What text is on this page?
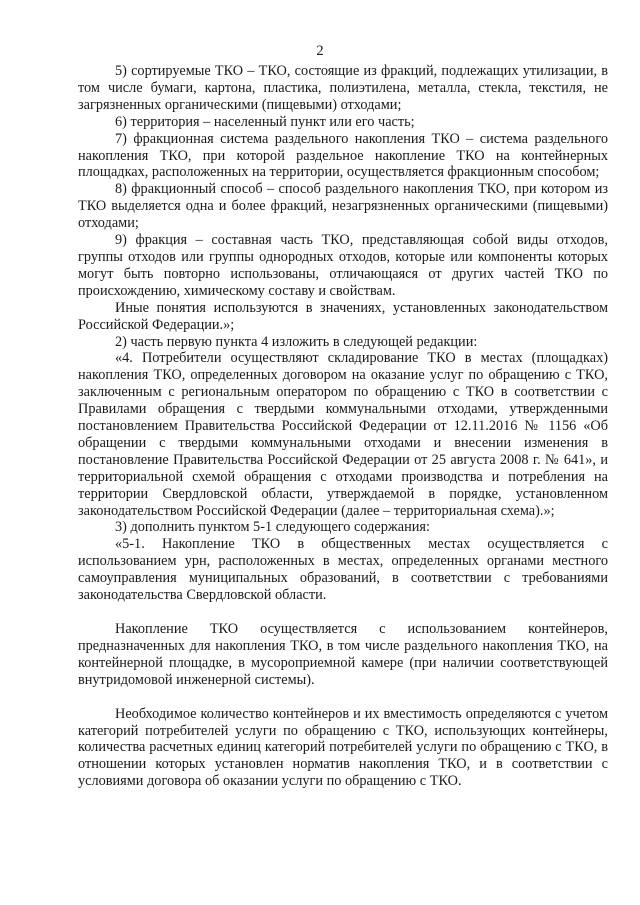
2

5) сортируемые ТКО – ТКО, состоящие из фракций, подлежащих утилизации, в том числе бумаги, картона, пластика, полиэтилена, металла, стекла, текстиля, не загрязненных органическими (пищевыми) отходами;

6) территория – населенный пункт или его часть;

7) фракционная система раздельного накопления ТКО – система раздельного накопления ТКО, при которой раздельное накопление ТКО на контейнерных площадках, расположенных на территории, осуществляется фракционным способом;

8) фракционный способ – способ раздельного накопления ТКО, при котором из ТКО выделяется одна и более фракций, незагрязненных органическими (пищевыми) отходами;

9) фракция – составная часть ТКО, представляющая собой виды отходов, группы отходов или группы однородных отходов, которые или компоненты которых могут быть повторно использованы, отличающаяся от других частей ТКО по происхождению, химическому составу и свойствам.

Иные понятия используются в значениях, установленных законодательством Российской Федерации.»;

2) часть первую пункта 4 изложить в следующей редакции:

«4. Потребители осуществляют складирование ТКО в местах (площадках) накопления ТКО, определенных договором на оказание услуг по обращению с ТКО, заключенным с региональным оператором по обращению с ТКО в соответствии с Правилами обращения с твердыми коммунальными отходами, утвержденными постановлением Правительства Российской Федерации от 12.11.2016 № 1156 «Об обращении с твердыми коммунальными отходами и внесении изменения в постановление Правительства Российской Федерации от 25 августа 2008 г. № 641», и территориальной схемой обращения с отходами производства и потребления на территории Свердловской области, утверждаемой в порядке, установленном законодательством Российской Федерации (далее – территориальная схема).»;

3) дополнить пунктом 5-1 следующего содержания:

«5-1. Накопление ТКО в общественных местах осуществляется с использованием урн, расположенных в местах, определенных органами местного самоуправления муниципальных образований, в соответствии с требованиями законодательства Свердловской области.

Накопление ТКО осуществляется с использованием контейнеров, предназначенных для накопления ТКО, в том числе раздельного накопления ТКО, на контейнерной площадке, в мусороприемной камере (при наличии соответствующей внутридомовой инженерной системы).

Необходимое количество контейнеров и их вместимость определяются с учетом категорий потребителей услуги по обращению с ТКО, использующих контейнеры, количества расчетных единиц категорий потребителей услуги по обращению с ТКО, в отношении которых установлен норматив накопления ТКО, и в соответствии с условиями договора об оказании услуги по обращению с ТКО.
